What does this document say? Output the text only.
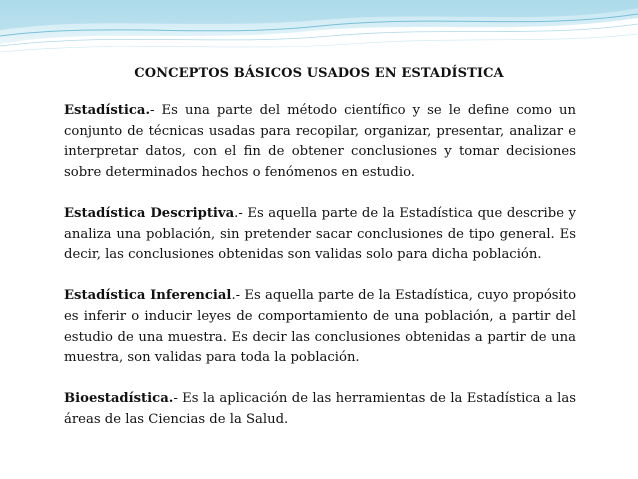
CONCEPTOS BÁSICOS USADOS EN ESTADÍSTICA

Estadística.- Es una parte del método científico y se le define como un conjunto de técnicas usadas para recopilar, organizar, presentar, analizar e interpretar datos, con el fin de obtener conclusiones y tomar decisiones sobre determinados hechos o fenómenos en estudio.

Estadística Descriptiva.- Es aquella parte de la Estadística que describe y analiza una población, sin pretender sacar conclusiones de tipo general. Es decir, las conclusiones obtenidas son validas solo para dicha población.

Estadística Inferencial.- Es aquella parte de la Estadística, cuyo propósito es inferir o inducir leyes de comportamiento de una población, a partir del estudio de una muestra. Es decir las conclusiones obtenidas a partir de una muestra, son validas para toda la población.

Bioestadística.- Es la aplicación de las herramientas de la Estadística a las áreas de las Ciencias de la Salud.
